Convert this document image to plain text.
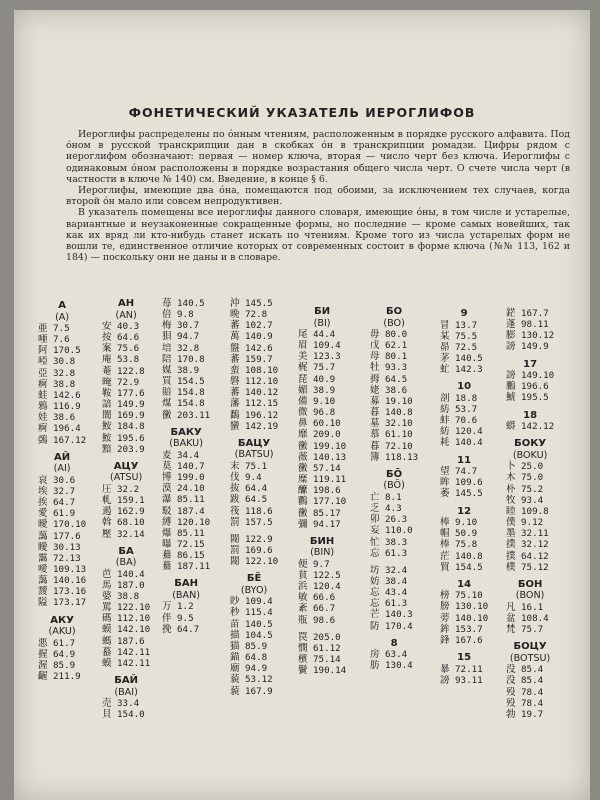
ФОНЕТИЧЕСКИЙ УКАЗАТЕЛЬ ИЕРОГЛИФОВ

Иероглифы распределены по óнным чтениям, расположенным в порядке русского алфавита. Под óном в русской транскрипции дан в скобках óн в транскрипции ромадзи. Цифры рядом с иероглифом обозначают: первая — номер ключа, вторая — число черт без ключа. Иероглифы с одинаковым óном расположены в порядке возрастания общего числа черт. О счете числа черт (в частности в ключе № 140) см. Введение, в конце § 6.

Иероглифы, имеющие два óна, помещаются под обоими, за исключением тех случаев, когда второй óн мало или совсем непродуктивен.

В указатель помещены все иероглифы данного словаря, имеющие óны, в том числе и устарелые, вариантные и неузаконенные сокращенные формы, но последние — кроме самых новейших, так как их вряд ли кто-нибудь станет искать по чтениям. Кроме того из числа устарелых форм не вошли те, единственное отличие которых от современных состоит в форме ключа (№№ 113, 162 и 184) — поскольку они не даны и в словаре.

А
(A)
亜 7.5
唖 7.6
阿 170.5
啞 30.8
亞 32.8
痾 38.8
蛙 142.6
鴉 116.9
娃 38.6
痾 196.4
鵶 167.12
АЙ
(AI)
哀 30.6
埃 32.7
挨 64.7
愛 61.9
曖 170.10
藹 177.6
瞹 30.13
靄 72.13
噯 109.13
藹 140.16
靉 173.16
隘 173.17
АКУ
(AKU)
悪 61.7
握 64.9
渥 85.9
齷 211.9
АН
(AN)
安 40.3
按 64.6
案 75.6
庵 53.8
菴 122.8
晻 72.9
鞍 177.6
諳 149.9
闇 169.9
鮟 184.8
鮟 195.6
黯 203.9
АЦУ
(ATSU)
圧 32.2
軋 159.1
遏 162.9
斡 68.10
壓 32.14
БА
(BA)
芭 140.4
馬 187.0
婆 38.8
罵 122.10
碼 112.10
蟆 142.10
螞 187.6
蟇 142.11
蟆 142.11
БАЙ
(BAI)
売 33.4
貝 154.0
苺 140.5
倍 9.8
梅 30.7
狽 94.7
培 32.8
陪 170.8
媒 38.9
買 154.5
賠 154.8
煤 154.8
黴 203.11
БАКУ
(BAKU)
麦 34.4
莫 140.7
博 199.0
漠 24.10
瀑 85.11
駁 187.4
縛 120.10
爆 85.11
曝 72.15
驀 86.15
驀 187.11
БАН
(BAN)
万 1.2
伴 9.5
挽 64.7
沖 145.5
晩 72.8
蕃 102.7
萬 140.9
盤 142.6
蕃 159.7
蛮 108.10
磐 112.10
蕃 140.12
藩 112.15
鷭 196.12
蠻 142.19
БАЦУ
(BATSU)
末 75.1
伐 9.4
抜 64.4
跋 64.5
筏 118.6
罰 157.5
閥 122.9
罰 169.6
閥 122.10
БЁ
(BYO)
眇 109.4
秒 115.4
苗 140.5
描 104.5
猫 85.9
錨 64.8
廟 94.9
藐 53.12
藐 167.9
БИ
(BI)
尾 44.4
眉 109.4
美 123.3
梶 75.7
琵 40.9
媚 38.9
備 9.10
微 96.8
鼻 60.10
靡 209.0
黴 199.10
薇 140.13
黴 57.14
糜 119.11
醿 198.6
鸜 177.10
黴 85.17
彌 94.17
БИН
(BIN)
便 9.7
貧 122.5
浜 120.4
敏 66.6
紊 66.7
瓶 98.6
罠 205.0
憫 61.12
檳 75.14
鬢 190.14
БО
(BO)
毋 80.0
戊 62.1
母 80.1
牡 93.3
拇 64.5
姥 38.6
募 19.10
暮 140.8
墓 32.10
慕 61.10
暮 72.10
簿 118.13
БŌ
(BŌ)
亡 8.1
乏 4.3
卯 26.3
妄 110.0
忙 38.3
忘 61.3
坊 32.4
妨 38.4
忘 43.4
忘 61.3
芒 140.3
防 170.4
8
房 63.4
肪 130.4
9
冒 13.7
某 75.5
昴 72.5
茅 140.5
虻 142.3
10
剖 18.8
紡 53.7
蚌 70.6
紡 120.4
耗 140.4
11
望 74.7
眸 109.6
萎 145.5
12
棒 9.10
帽 50.9
棒 75.8
茫 140.8
貿 154.5
14
榜 75.10
膀 130.10
蒡 140.10
鉾 153.7
鋒 167.6
15
暴 72.11
謗 93.11
鋩 167.7
蓬 98.11
膨 130.12
謗 149.9
17
謗 149.10
鵬 196.6
鯱 195.5
18
蟒 142.12
БОКУ
(BOKU)
卜 25.0
木 75.0
朴 75.2
牧 93.4
睦 109.8
僕 9.12
墨 32.11
撲 32.12
撲 64.12
樸 75.12
БОН
(BON)
凡 16.1
盆 108.4
梵 75.7
БОЦУ
(BOTSU)
没 85.4
没 85.4
殁 78.4
殁 78.4
勃 19.7
